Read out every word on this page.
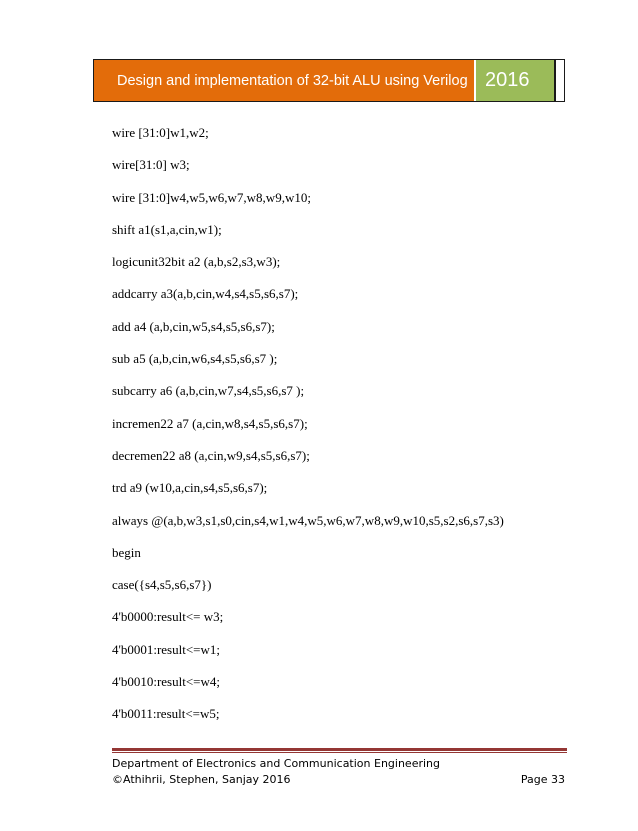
Design and implementation of 32-bit ALU using Verilog 2016
wire [31:0]w1,w2;
wire[31:0] w3;
wire [31:0]w4,w5,w6,w7,w8,w9,w10;
shift a1(s1,a,cin,w1);
logicunit32bit a2 (a,b,s2,s3,w3);
addcarry a3(a,b,cin,w4,s4,s5,s6,s7);
add a4 (a,b,cin,w5,s4,s5,s6,s7);
sub a5 (a,b,cin,w6,s4,s5,s6,s7 );
subcarry a6 (a,b,cin,w7,s4,s5,s6,s7 );
incremen22 a7 (a,cin,w8,s4,s5,s6,s7);
decremen22 a8 (a,cin,w9,s4,s5,s6,s7);
trd a9 (w10,a,cin,s4,s5,s6,s7);
always @(a,b,w3,s1,s0,cin,s4,w1,w4,w5,w6,w7,w8,w9,w10,s5,s2,s6,s7,s3)
begin
case({s4,s5,s6,s7})
4'b0000:result<= w3;
4'b0001:result<=w1;
4'b0010:result<=w4;
4'b0011:result<=w5;
Department of Electronics and Communication Engineering
©Athihrii, Stephen, Sanjay 2016	Page 33
